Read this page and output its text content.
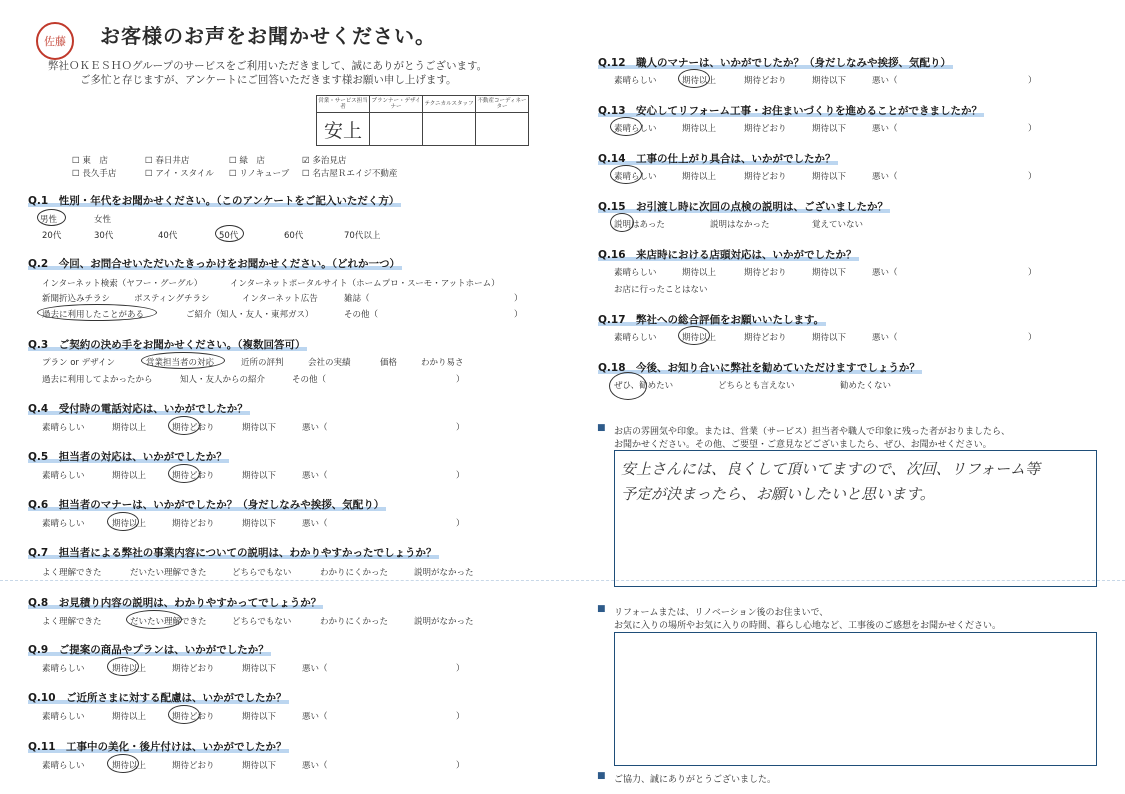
佐藤 お客様のお声をお聞かせください。
弊社ＯＫＥＳＨＯグループのサービスをご利用いただきまして、誠にありがとうございます。
ご多忙と存じますが、アンケートにご回答いただきます様お願い申し上げます。
営業・サービス担当者	プランナー・デザイナー	テクニカルスタッフ	不動産コーディネーター
安上			
☐ 東　店	☐ 春日井店	☐ 緑　店	☑ 多治見店
☐ 長久手店	☐ アイ・スタイル ☐ リノキューブ ☐ 名古屋Ｒエイジ不動産
Q.1　性別・年代をお聞かせください。（このアンケートをご記入いただく方）
男性	女性
20代	30代	40代	50代	60代	70代以上
Q.2　今回、お問合せいただいたきっかけをお聞かせください。（どれか一つ）
インターネット検索（ヤフー・グーグル）	インターネットポータルサイト（ホームプロ・スーモ・アットホーム）
新聞折込みチラシ	ポスティングチラシ	インターネット広告	雑誌（	）
過去に利用したことがある	ご紹介（知人・友人・東邦ガス）	その他（	）
Q.3　ご契約の決め手をお聞かせください。（複数回答可）
プラン or デザイン	営業担当者の対応	近所の評判	会社の実績	価格	わかり易さ
過去に利用してよかったから	知人・友人からの紹介	その他（	）
Q.4　受付時の電話対応は、いかがでしたか？
素晴らしい	期待以上	期待どおり	期待以下	悪い（	）
Q.5　担当者の対応は、いかがでしたか？
素晴らしい	期待以上	期待どおり	期待以下	悪い（	）
Q.6　担当者のマナーは、いかがでしたか？（身だしなみや挨拶、気配り）
素晴らしい	期待以上	期待どおり	期待以下	悪い（	）
Q.7　担当者による弊社の事業内容についての説明は、わかりやすかったでしょうか？
よく理解できた	だいたい理解できた	どちらでもない	わかりにくかった	説明がなかった
Q.8　お見積り内容の説明は、わかりやすかってでしょうか？
よく理解できた	だいたい理解できた	どちらでもない	わかりにくかった	説明がなかった
Q.9　ご提案の商品やプランは、いかがでしたか？
素晴らしい	期待以上	期待どおり	期待以下	悪い（	）
Q.10　ご近所さまに対する配慮は、いかがでしたか？
素晴らしい	期待以上	期待どおり	期待以下	悪い（	）
Q.11　工事中の美化・後片付けは、いかがでしたか？
素晴らしい	期待以上	期待どおり	期待以下	悪い（	）
Q.12　職人のマナーは、いかがでしたか？（身だしなみや挨拶、気配り）
素晴らしい	期待以上	期待どおり	期待以下	悪い（	）
Q.13　安心してリフォーム工事・お住まいづくりを進めることができましたか？
素晴らしい	期待以上	期待どおり	期待以下	悪い（	）
Q.14　工事の仕上がり具合は、いかがでしたか？
素晴らしい	期待以上	期待どおり	期待以下	悪い（	）
Q.15　お引渡し時に次回の点検の説明は、ございましたか？
説明はあった	説明はなかった	覚えていない
Q.16　来店時における店頭対応は、いかがでしたか？
素晴らしい	期待以上	期待どおり	期待以下	悪い（	）
お店に行ったことはない
Q.17　弊社への総合評価をお願いいたします。
素晴らしい	期待以上	期待どおり	期待以下	悪い（	）
Q.18　今後、お知り合いに弊社を勧めていただけますでしょうか？
ぜひ、勧めたい	どちらとも言えない	勧めたくない
■ お店の雰囲気や印象。または、営業（サービス）担当者や職人で印象に残った者がおりましたら、
お聞かせください。その他、ご要望・ご意見などございましたら、ぜひ、お聞かせください。
安上さんには、良くして頂いてますので、次回、リフォーム等
予定が決まったら、お願いしたいと思います。
■ リフォームまたは、リノベーション後のお住まいで、
お気に入りの場所やお気に入りの時間、暮らし心地など、工事後のご感想をお聞かせください。
■ ご協力、誠にありがとうございました。
